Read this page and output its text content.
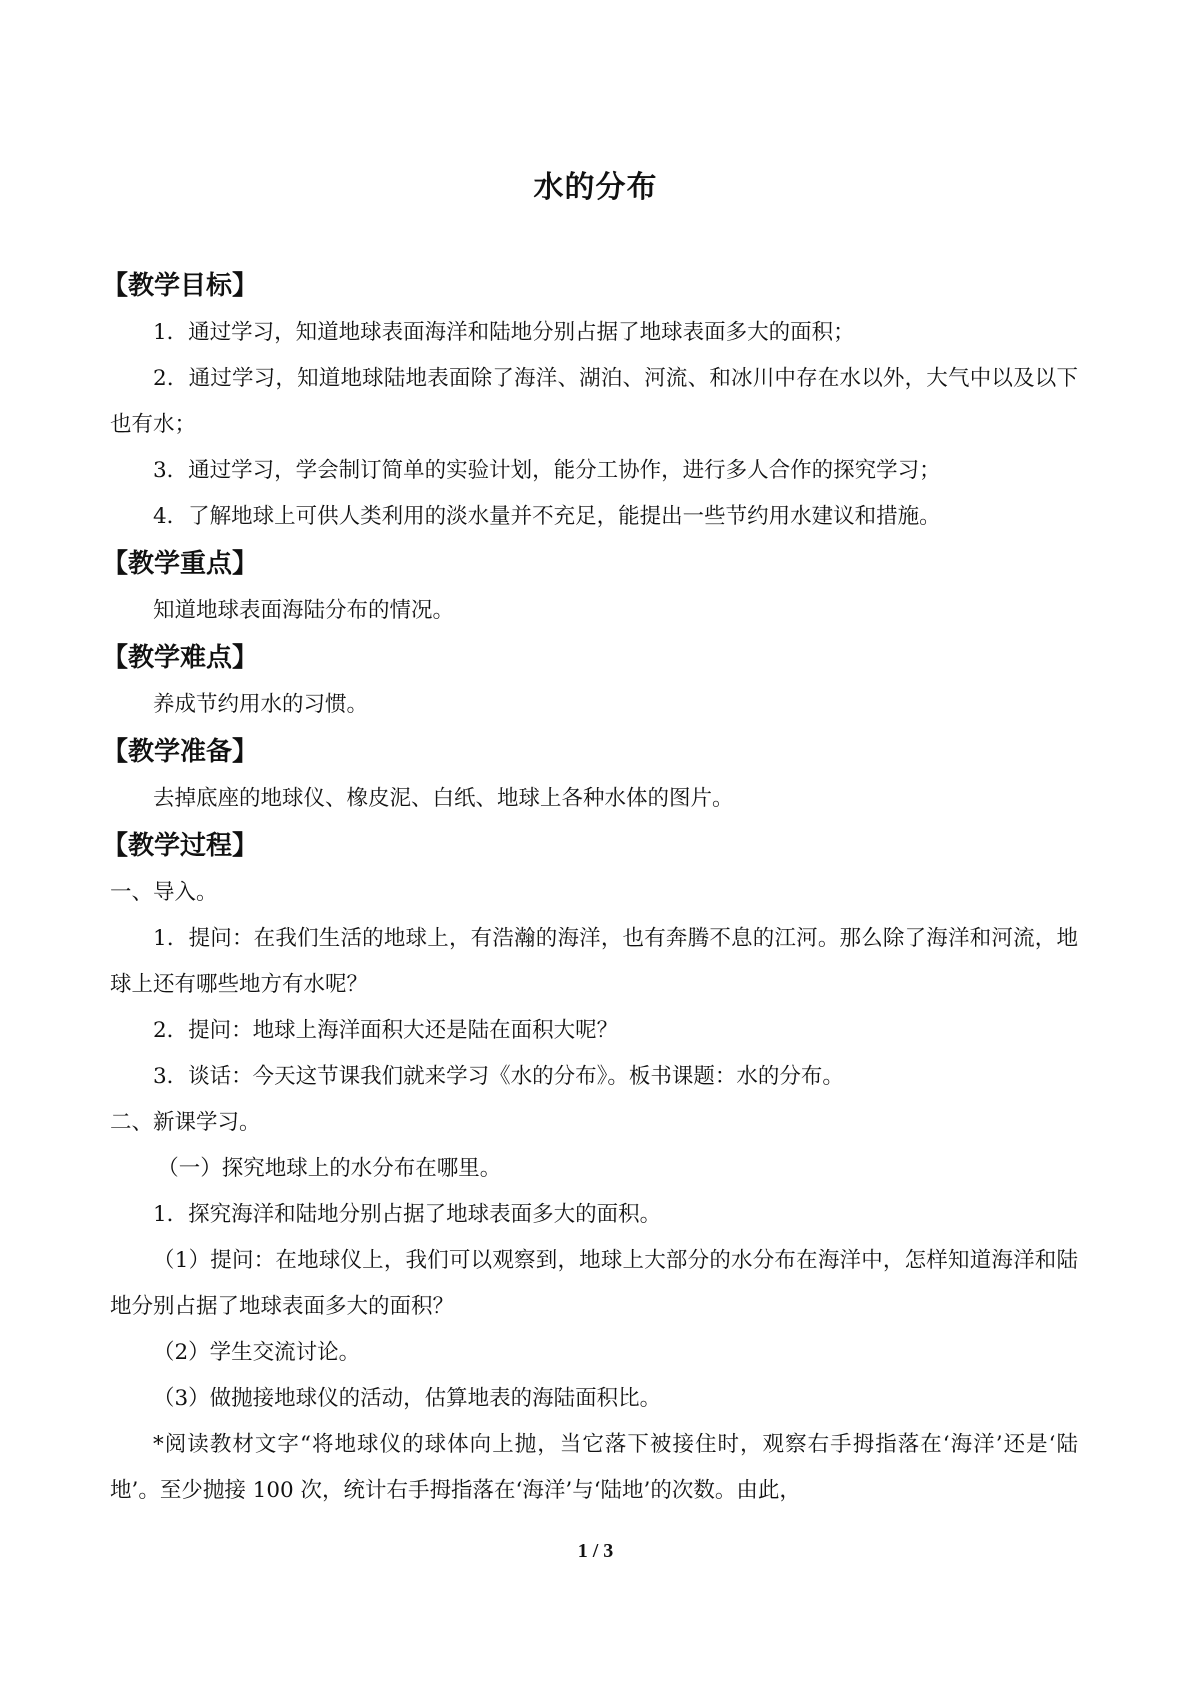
水的分布
【教学目标】

1．通过学习，知道地球表面海洋和陆地分别占据了地球表面多大的面积；

2．通过学习，知道地球陆地表面除了海洋、湖泊、河流、和冰川中存在水以外，大气中以及以下也有水；

3．通过学习，学会制订简单的实验计划，能分工协作，进行多人合作的探究学习；

4．了解地球上可供人类利用的淡水量并不充足，能提出一些节约用水建议和措施。

【教学重点】

知道地球表面海陆分布的情况。

【教学难点】

养成节约用水的习惯。

【教学准备】

去掉底座的地球仪、橡皮泥、白纸、地球上各种水体的图片。

【教学过程】

一、导入。

1．提问：在我们生活的地球上，有浩瀚的海洋，也有奔腾不息的江河。那么除了海洋和河流，地球上还有哪些地方有水呢？

2．提问：地球上海洋面积大还是陆在面积大呢？

3．谈话：今天这节课我们就来学习《水的分布》。板书课题：水的分布。

二、新课学习。

（一）探究地球上的水分布在哪里。

1．探究海洋和陆地分别占据了地球表面多大的面积。

（1）提问：在地球仪上，我们可以观察到，地球上大部分的水分布在海洋中，怎样知道海洋和陆地分别占据了地球表面多大的面积？

（2）学生交流讨论。

（3）做抛接地球仪的活动，估算地表的海陆面积比。

*阅读教材文字“将地球仪的球体向上抛，当它落下被接住时，观察右手拇指落在‘海洋’还是‘陆地’。至少抛接 100 次，统计右手拇指落在‘海洋’与‘陆地’的次数。由此，

1 / 3
